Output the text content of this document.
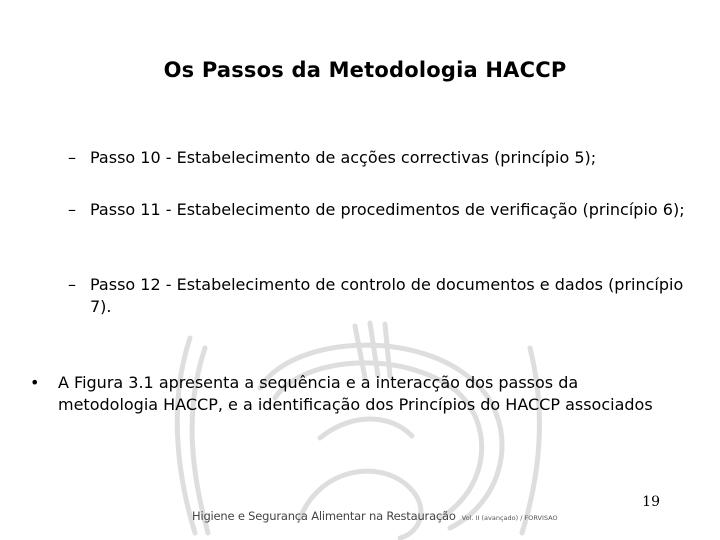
Os Passos da Metodologia HACCP
– Passo 10 - Estabelecimento de acções correctivas (princípio 5);
– Passo 11 - Estabelecimento de procedimentos de verificação (princípio 6);
– Passo 12 - Estabelecimento de controlo de documentos e dados (princípio 7).
• A Figura 3.1 apresenta a sequência e a interacção dos passos da metodologia HACCP, e a identificação dos Princípios do HACCP associados
19
Higiene e Segurança Alimentar na Restauração Vol. II (avançado) / FORVISAO
